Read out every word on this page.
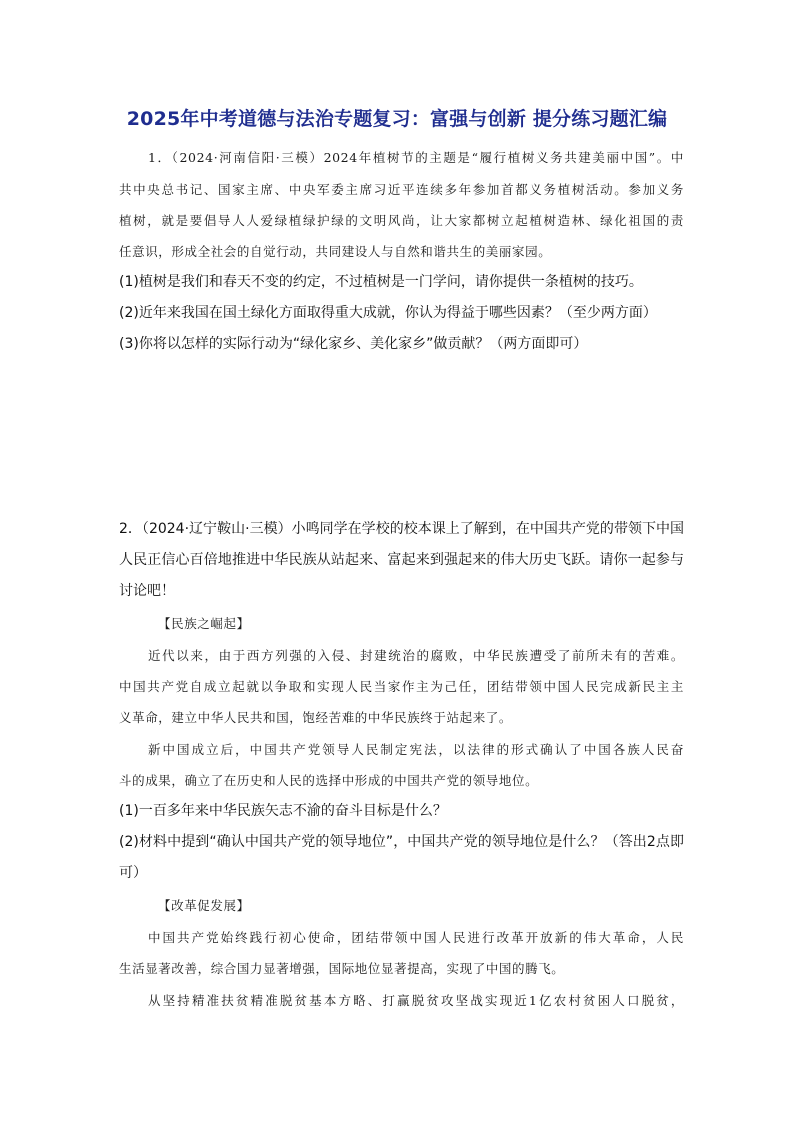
2025年中考道德与法治专题复习：富强与创新 提分练习题汇编
1．（2024·河南信阳·三模）2024年植树节的主题是“履行植树义务共建美丽中国”。中
共中央总书记、国家主席、中央军委主席习近平连续多年参加首都义务植树活动。参加义务
植树，就是要倡导人人爱绿植绿护绿的文明风尚，让大家都树立起植树造林、绿化祖国的责
任意识，形成全社会的自觉行动，共同建设人与自然和谐共生的美丽家园。
(1)植树是我们和春天不变的约定，不过植树是一门学问，请你提供一条植树的技巧。
(2)近年来我国在国土绿化方面取得重大成就，你认为得益于哪些因素？（至少两方面）
(3)你将以怎样的实际行动为“绿化家乡、美化家乡”做贡献？（两方面即可）
2．（2024·辽宁鞍山·三模）小鸣同学在学校的校本课上了解到，在中国共产党的带领下中国
人民正信心百倍地推进中华民族从站起来、富起来到强起来的伟大历史飞跃。请你一起参与
讨论吧！
【民族之崛起】
近代以来，由于西方列强的入侵、封建统治的腐败，中华民族遭受了前所未有的苦难。
中国共产党自成立起就以争取和实现人民当家作主为己任，团结带领中国人民完成新民主主
义革命，建立中华人民共和国，饱经苦难的中华民族终于站起来了。
新中国成立后，中国共产党领导人民制定宪法，以法律的形式确认了中国各族人民奋
斗的成果，确立了在历史和人民的选择中形成的中国共产党的领导地位。
(1)一百多年来中华民族矢志不渝的奋斗目标是什么？
(2)材料中提到“确认中国共产党的领导地位”，中国共产党的领导地位是什么？（答出2点即
可）
【改革促发展】
中国共产党始终践行初心使命，团结带领中国人民进行改革开放新的伟大革命，人民
生活显著改善，综合国力显著增强，国际地位显著提高，实现了中国的腾飞。
从坚持精准扶贫精准脱贫基本方略、打赢脱贫攻坚战实现近1亿农村贫困人口脱贫，
